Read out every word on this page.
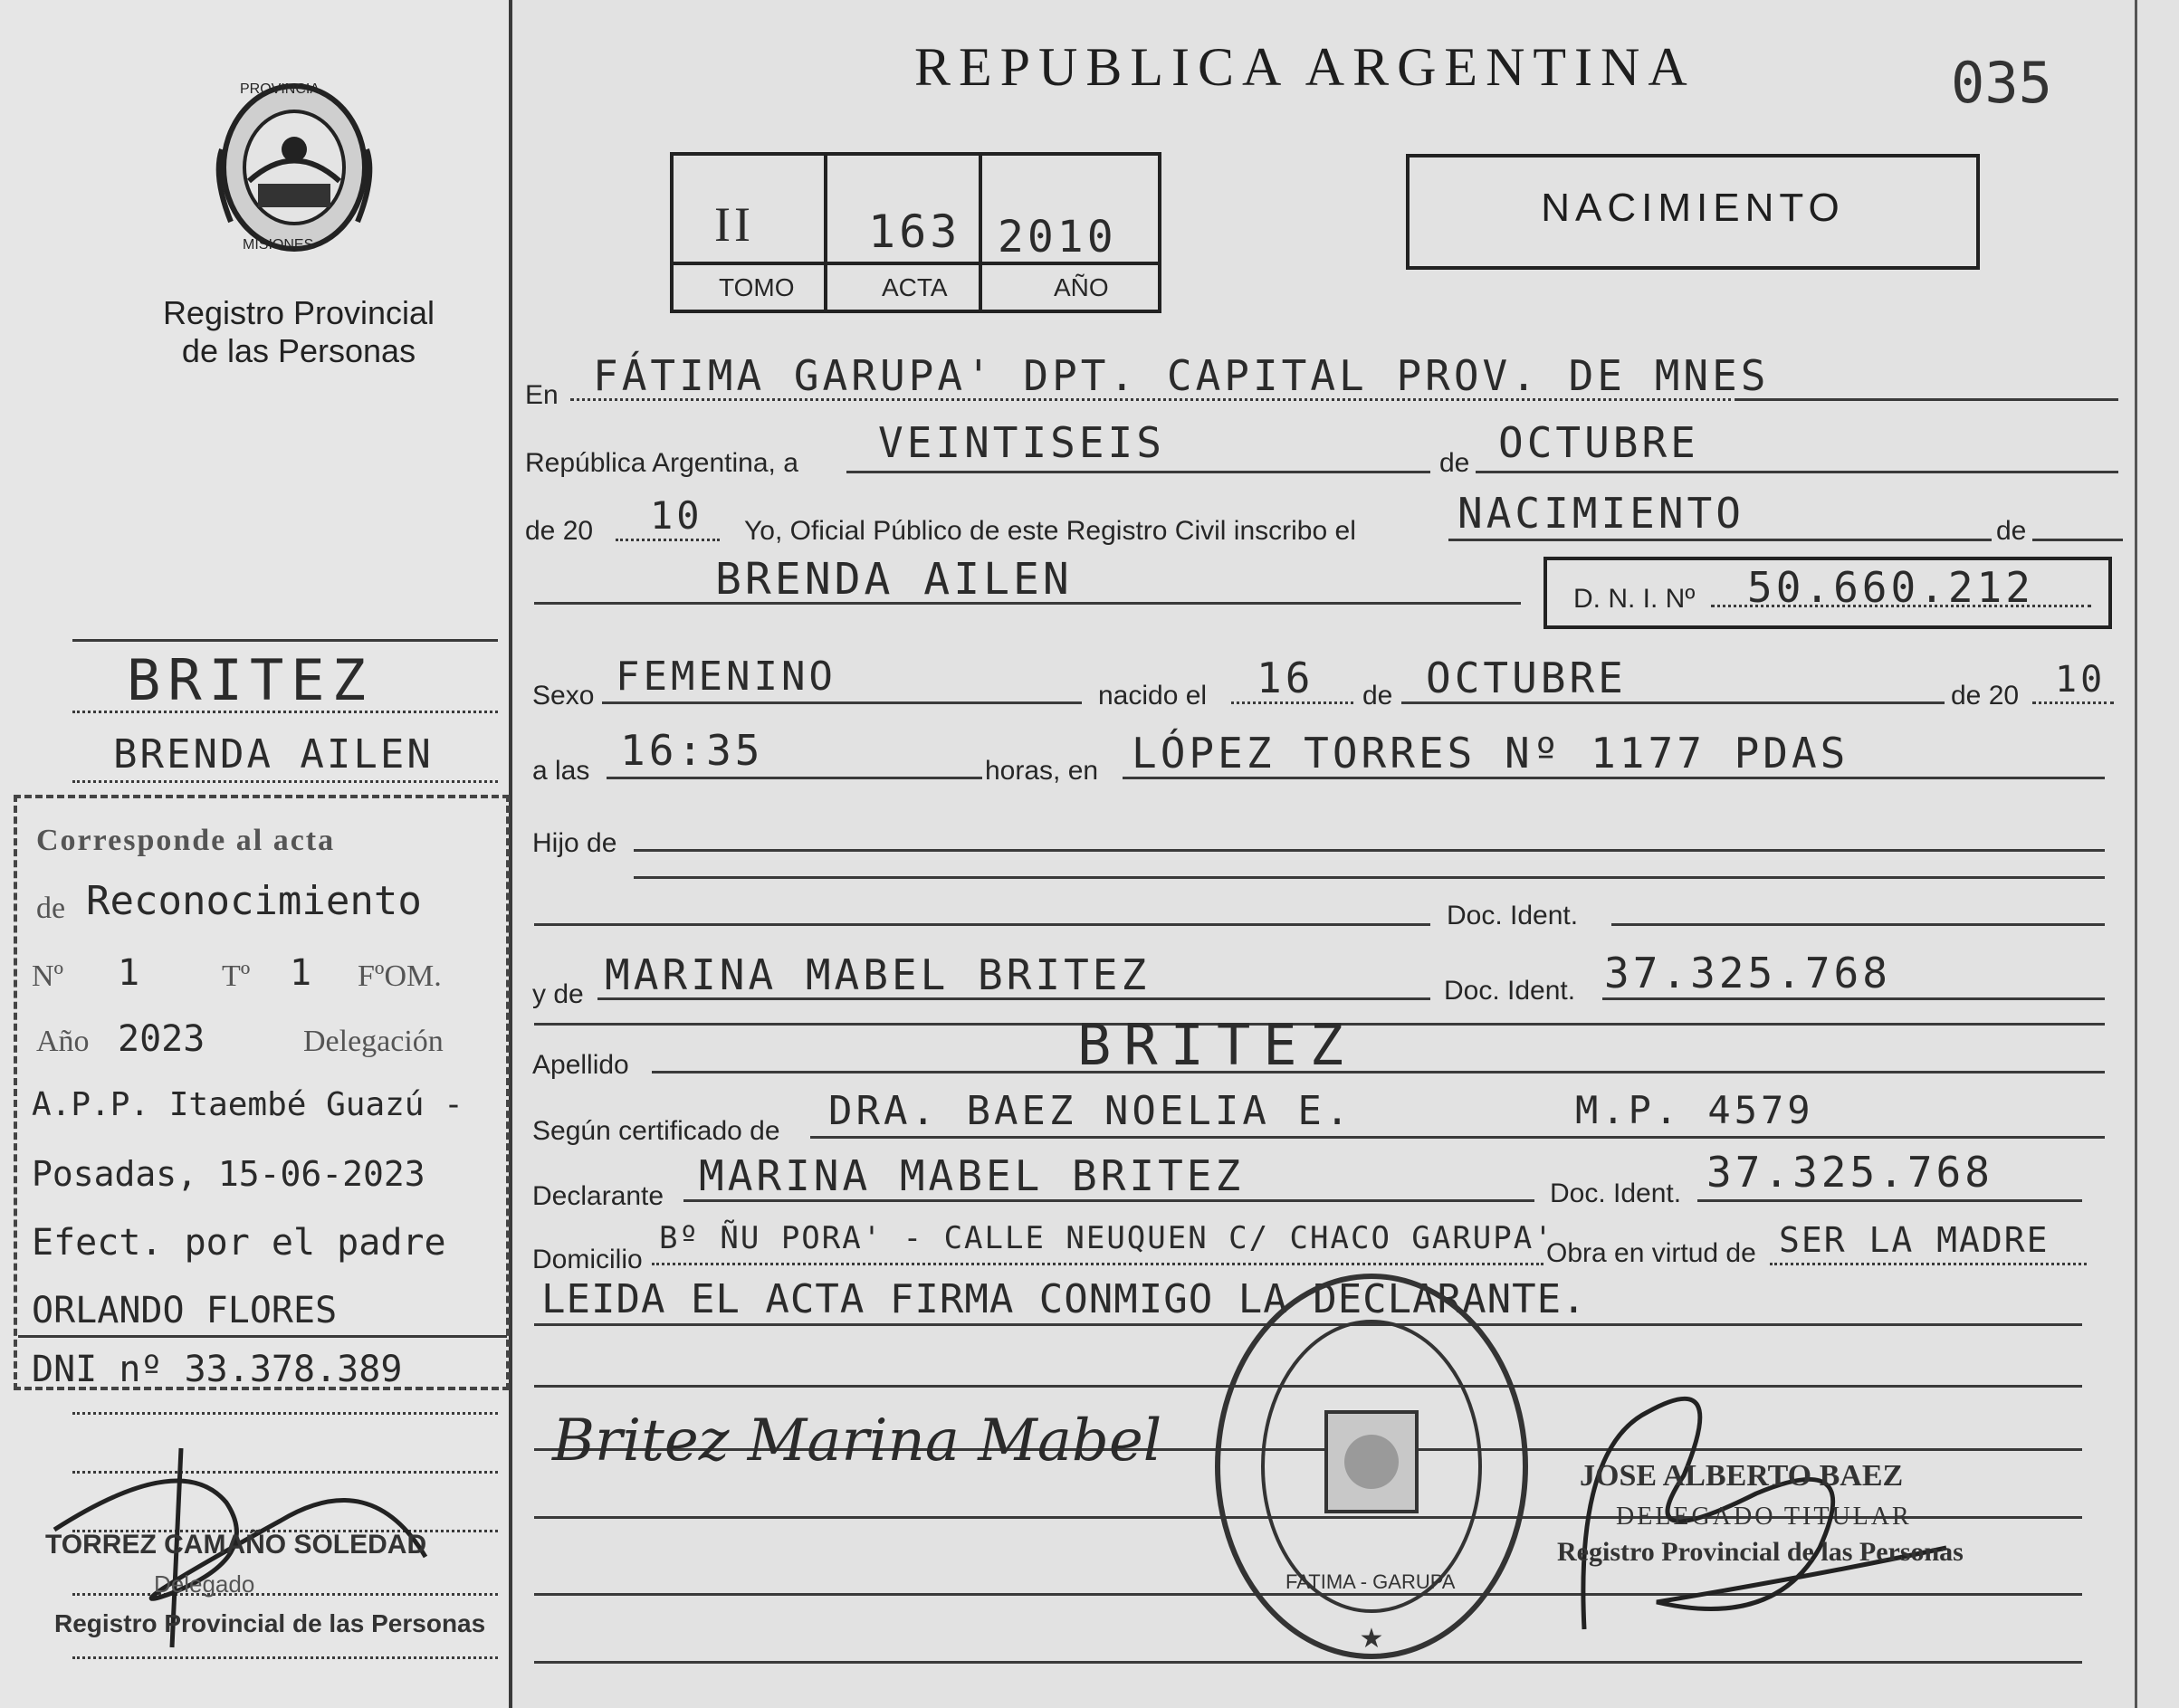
PROVINCIA
MISIONES
Registro Provincial
de las Personas
REPUBLICA ARGENTINA	035
II	163 2010
TOMO	ACTA	AÑO
NACIMIENTO
En FÁTIMA GARUPA' DPT. CAPITAL PROV. DE MNES
República Argentina, a	de
VEINTISEIS	OCTUBRE
de 20 10 Yo, Oficial Público de este Registro Civil inscribo el NACIMIENTO	de
BRENDA AILEN	D. N. I. Nº 50.660.212
Sexo FEMENINO	nacido el 16 de OCTUBRE	de 20 10
a las 16:35	horas, en LÓPEZ TORRES Nº 1177 PDAS
Hijo de
Doc. Ident.
y de MARINA MABEL BRITEZ	Doc. Ident. 37.325.768
Apellido	BRITEZ
Según certificado de DRA. BAEZ NOELIA E.	M.P. 4579
Declarante MARINA MABEL BRITEZ	Doc. Ident. 37.325.768
Domicilio
Bº ÑU PORA' - CALLE NEUQUEN C/ CHACO GARUPA'
Obra en virtud de SER LA MADRE
LEIDA EL ACTA FIRMA CONMIGO LA DECLARANTE.
Britez Marina Mabel
★
FATIMA - GARUPA
JOSE ALBERTO BAEZ
DELEGADO TITULAR
Registro Provincial de las Personas
BRITEZ
BRENDA AILEN
Corresponde al acta
de Reconocimiento
Nº 1	Tº 1 FºOM.
Año 2023	Delegación
A.P.P. Itaembé Guazú -
Posadas, 15-06-2023
Efect. por el padre
ORLANDO FLORES
DNI nº 33.378.389
TORREZ CAMAÑO SOLEDAD
Delegado
Registro Provincial de las Personas
